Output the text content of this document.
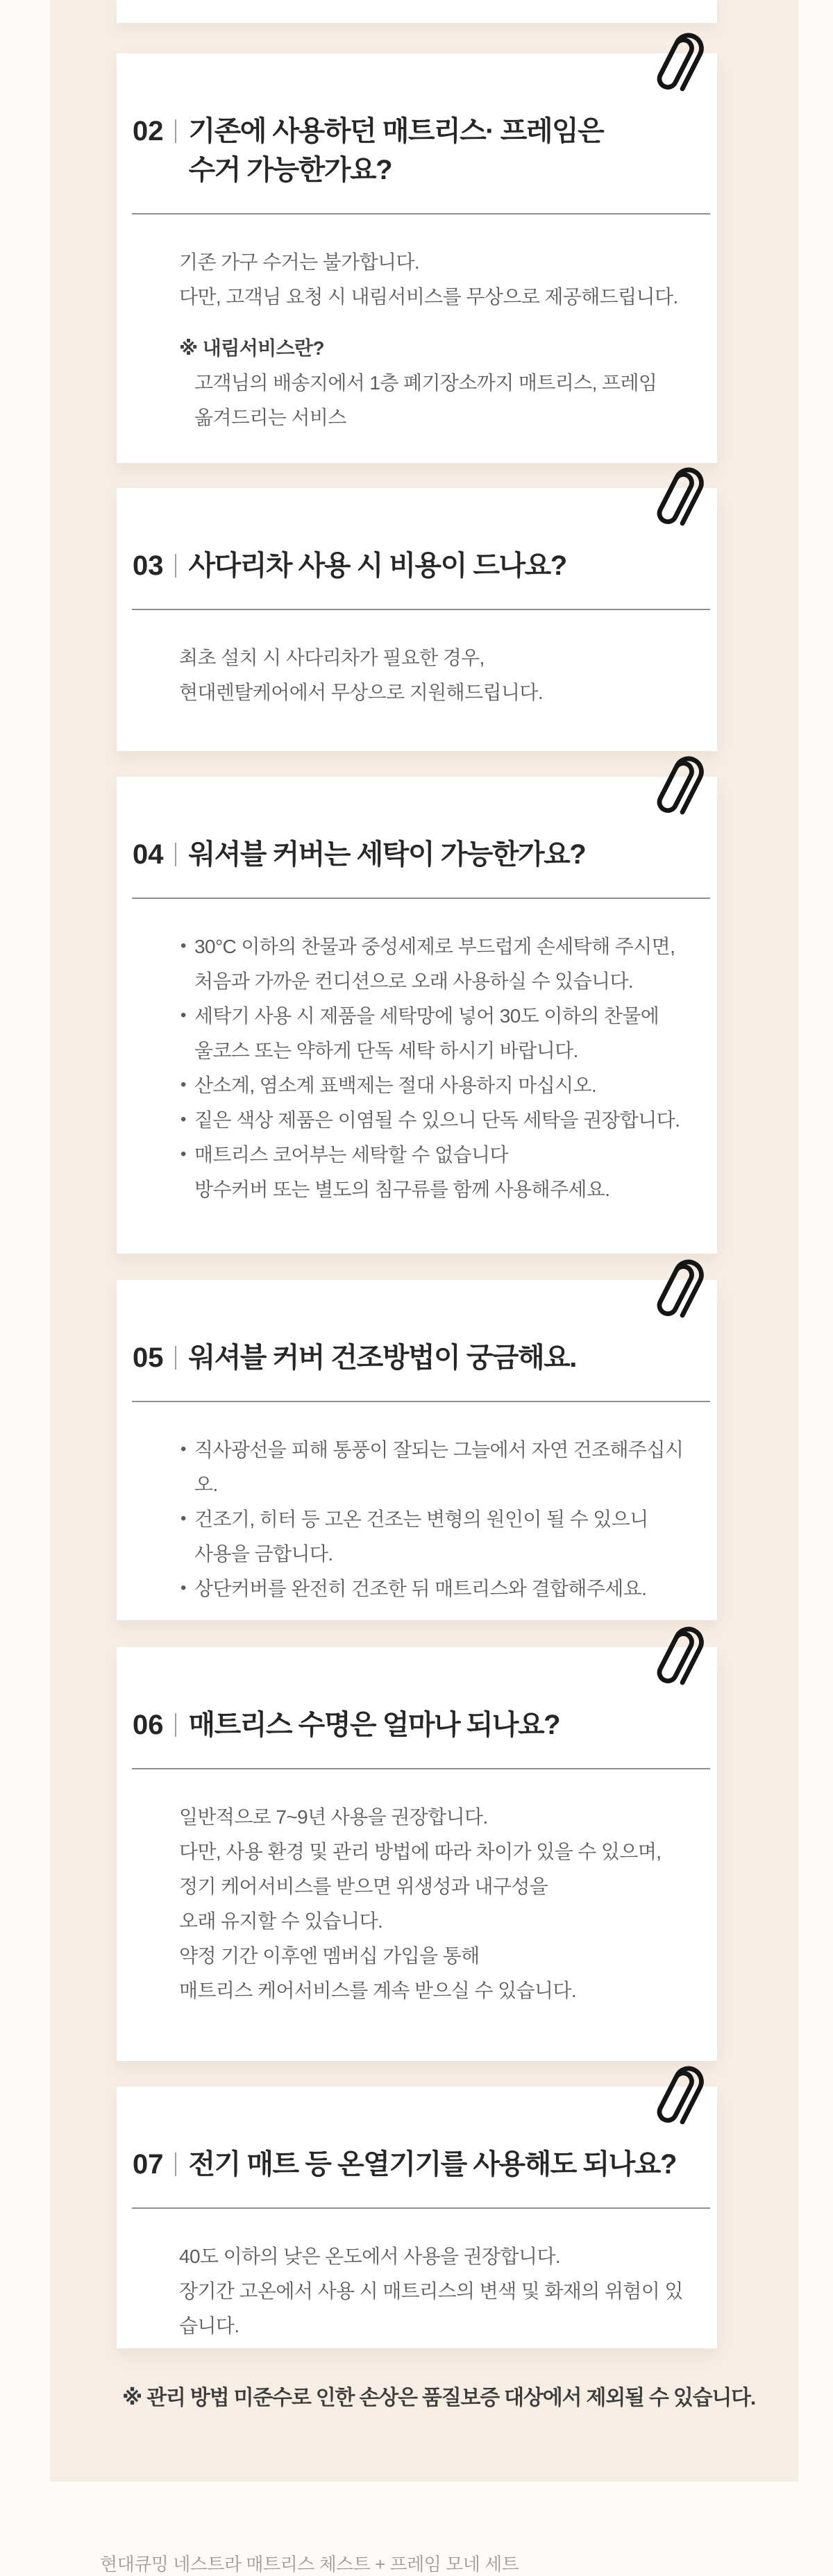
02 기존에 사용하던 매트리스· 프레임은
수거 가능한가요?
기존 가구 수거는 불가합니다.
다만, 고객님 요청 시 내림서비스를 무상으로 제공해드립니다.
※ 내림서비스란?
고객님의 배송지에서 1층 폐기장소까지 매트리스, 프레임
옮겨드리는 서비스
03 사다리차 사용 시 비용이 드나요?
최초 설치 시 사다리차가 필요한 경우,
현대렌탈케어에서 무상으로 지원해드립니다.
04 워셔블 커버는 세탁이 가능한가요?
• 30°C 이하의 찬물과 중성세제로 부드럽게 손세탁해 주시면,
처음과 가까운 컨디션으로 오래 사용하실 수 있습니다.
• 세탁기 사용 시 제품을 세탁망에 넣어 30도 이하의 찬물에
울코스 또는 약하게 단독 세탁 하시기 바랍니다.
• 산소계, 염소계 표백제는 절대 사용하지 마십시오.
• 짙은 색상 제품은 이염될 수 있으니 단독 세탁을 권장합니다.
• 매트리스 코어부는 세탁할 수 없습니다
방수커버 또는 별도의 침구류를 함께 사용해주세요.
05 워셔블 커버 건조방법이 궁금해요.
• 직사광선을 피해 통풍이 잘되는 그늘에서 자연 건조해주십시오.
• 건조기, 히터 등 고온 건조는 변형의 원인이 될 수 있으니
사용을 금합니다.
• 상단커버를 완전히 건조한 뒤 매트리스와 결합해주세요.
06 매트리스 수명은 얼마나 되나요?
일반적으로 7~9년 사용을 권장합니다.
다만, 사용 환경 및 관리 방법에 따라 차이가 있을 수 있으며,
정기 케어서비스를 받으면 위생성과 내구성을
오래 유지할 수 있습니다.
약정 기간 이후엔 멤버십 가입을 통해
매트리스 케어서비스를 계속 받으실 수 있습니다.
07 전기 매트 등 온열기기를 사용해도 되나요?
40도 이하의 낮은 온도에서 사용을 권장합니다.
장기간 고온에서 사용 시 매트리스의 변색 및 화재의 위험이 있습니다.
※ 관리 방법 미준수로 인한 손상은 품질보증 대상에서 제외될 수 있습니다.
현대큐밍 네스트라 매트리스 체스트 + 프레임 모네 세트
